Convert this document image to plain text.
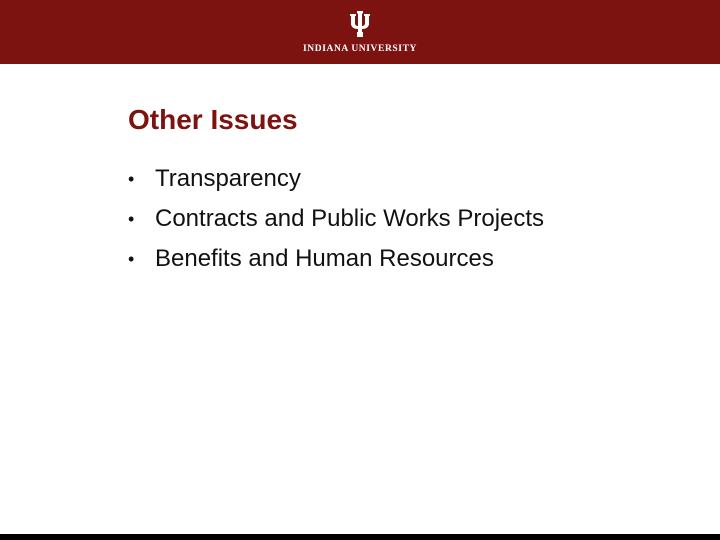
INDIANA UNIVERSITY
Other Issues
• Transparency
• Contracts and Public Works Projects
• Benefits and Human Resources
